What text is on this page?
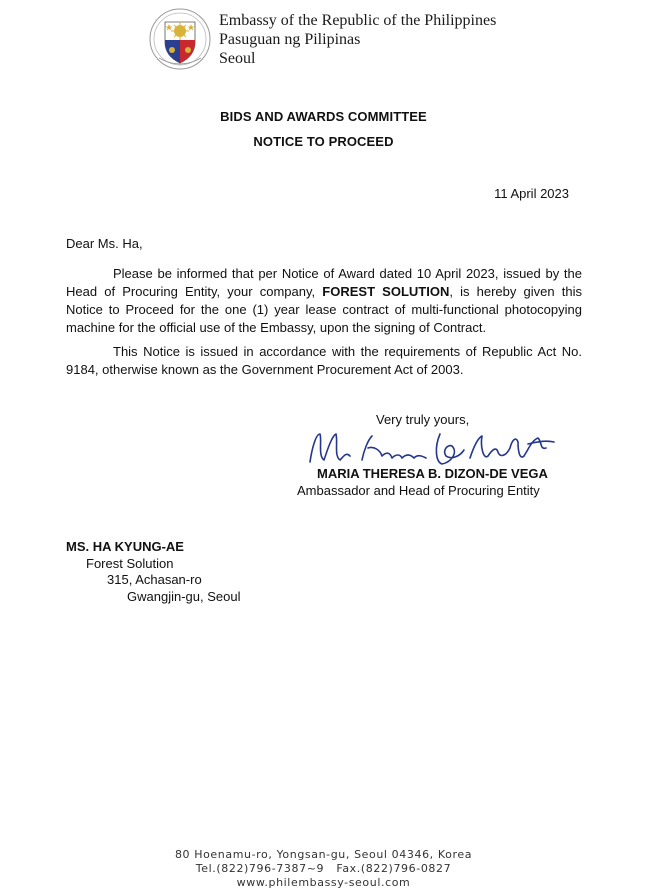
Embassy of the Republic of the Philippines
Pasuguan ng Pilipinas
Seoul
BIDS AND AWARDS COMMITTEE
NOTICE TO PROCEED
11 April 2023
Dear Ms. Ha,
Please be informed that per Notice of Award dated 10 April 2023, issued by the Head of Procuring Entity, your company, FOREST SOLUTION, is hereby given this Notice to Proceed for the one (1) year lease contract of multi-functional photocopying machine for the official use of the Embassy, upon the signing of Contract.
This Notice is issued in accordance with the requirements of Republic Act No. 9184, otherwise known as the Government Procurement Act of 2003.
Very truly yours,
MARIA THERESA B. DIZON-DE VEGA
Ambassador and Head of Procuring Entity
MS. HA KYUNG-AE
Forest Solution
315, Achasan-ro
Gwangjin-gu, Seoul
80 Hoenamu-ro, Yongsan-gu, Seoul 04346, Korea
Tel.(822)796-7387~9 Fax.(822)796-0827
www.philembassy-seoul.com
